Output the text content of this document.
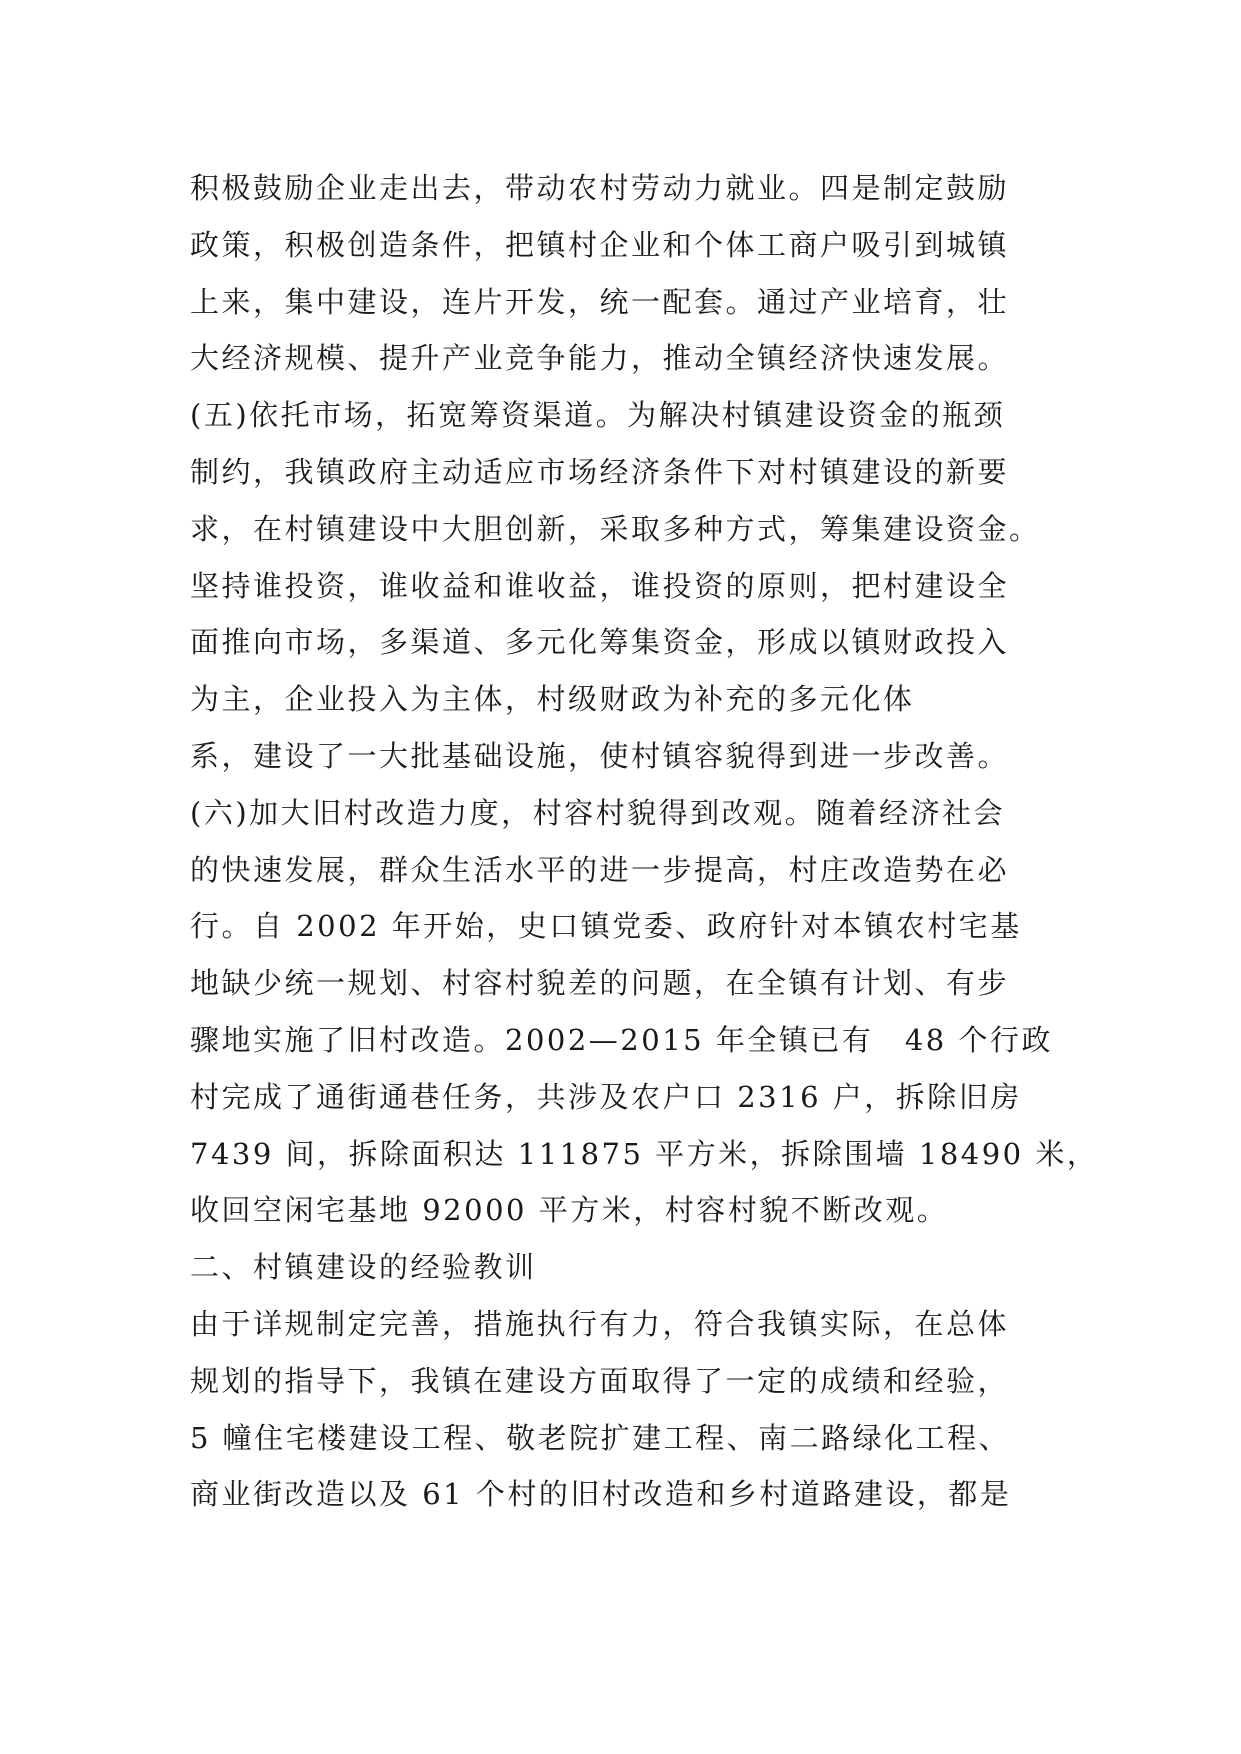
积极鼓励企业走出去，带动农村劳动力就业。四是制定鼓励
政策，积极创造条件，把镇村企业和个体工商户吸引到城镇
上来，集中建设，连片开发，统一配套。通过产业培育，壮
大经济规模、提升产业竞争能力，推动全镇经济快速发展。
(五)依托市场，拓宽筹资渠道。为解决村镇建设资金的瓶颈
制约，我镇政府主动适应市场经济条件下对村镇建设的新要
求，在村镇建设中大胆创新，采取多种方式，筹集建设资金。
坚持谁投资，谁收益和谁收益，谁投资的原则，把村建设全
面推向市场，多渠道、多元化筹集资金，形成以镇财政投入
为主，企业投入为主体，村级财政为补充的多元化体
系，建设了一大批基础设施，使村镇容貌得到进一步改善。
(六)加大旧村改造力度，村容村貌得到改观。随着经济社会
的快速发展，群众生活水平的进一步提高，村庄改造势在必
行。自 2002 年开始，史口镇党委、政府针对本镇农村宅基
地缺少统一规划、村容村貌差的问题，在全镇有计划、有步
骤地实施了旧村改造。2002—2015 年全镇已有　48 个行政
村完成了通街通巷任务，共涉及农户口 2316 户，拆除旧房
7439 间，拆除面积达 111875 平方米，拆除围墙 18490 米，
收回空闲宅基地 92000 平方米，村容村貌不断改观。
二、村镇建设的经验教训
由于详规制定完善，措施执行有力，符合我镇实际，在总体
规划的指导下，我镇在建设方面取得了一定的成绩和经验，
5 幢住宅楼建设工程、敬老院扩建工程、南二路绿化工程、
商业街改造以及 61 个村的旧村改造和乡村道路建设，都是
